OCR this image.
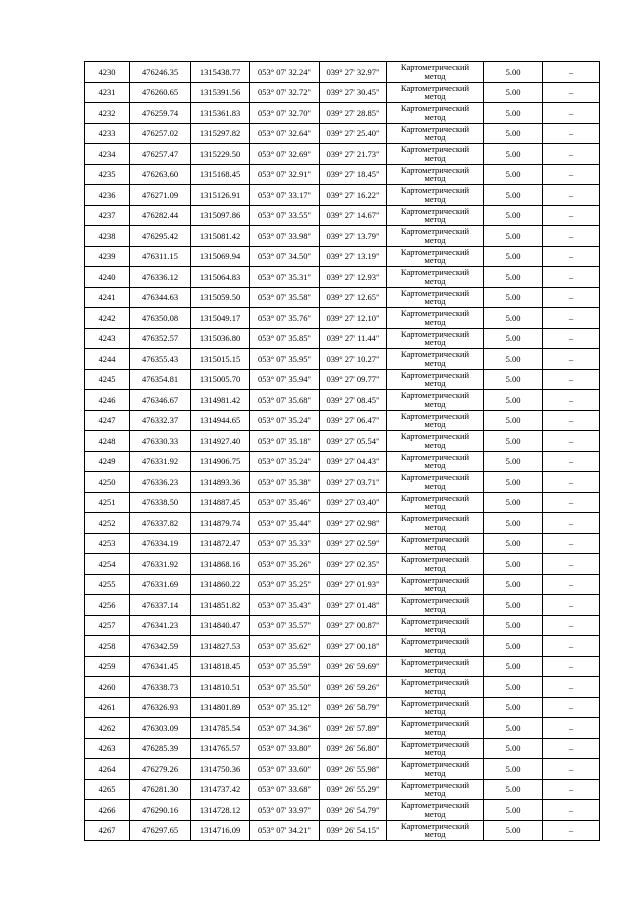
4230	476246.35	1315438.77	053° 07' 32.24"	039° 27' 32.97"	Картометрический
метод	5.00	–
4231	476260.65	1315391.56	053° 07' 32.72"	039° 27' 30.45"	Картометрический
метод	5.00	–
4232	476259.74	1315361.83	053° 07' 32.70"	039° 27' 28.85"	Картометрический
метод	5.00	–
4233	476257.02	1315297.82	053° 07' 32.64"	039° 27' 25.40"	Картометрический
метод	5.00	–
4234	476257.47	1315229.50	053° 07' 32.69"	039° 27' 21.73"	Картометрический
метод	5.00	–
4235	476263.60	1315168.45	053° 07' 32.91"	039° 27' 18.45"	Картометрический
метод	5.00	–
4236	476271.09	1315126.91	053° 07' 33.17"	039° 27' 16.22"	Картометрический
метод	5.00	–
4237	476282.44	1315097.86	053° 07' 33.55"	039° 27' 14.67"	Картометрический
метод	5.00	–
4238	476295.42	1315081.42	053° 07' 33.98"	039° 27' 13.79"	Картометрический
метод	5.00	–
4239	476311.15	1315069.94	053° 07' 34.50"	039° 27' 13.19"	Картометрический
метод	5.00	–
4240	476336.12	1315064.83	053° 07' 35.31"	039° 27' 12.93"	Картометрический
метод	5.00	–
4241	476344.63	1315059.50	053° 07' 35.58"	039° 27' 12.65"	Картометрический
метод	5.00	–
4242	476350.08	1315049.17	053° 07' 35.76"	039° 27' 12.10"	Картометрический
метод	5.00	–
4243	476352.57	1315036.80	053° 07' 35.85"	039° 27' 11.44"	Картометрический
метод	5.00	–
4244	476355.43	1315015.15	053° 07' 35.95"	039° 27' 10.27"	Картометрический
метод	5.00	–
4245	476354.81	1315005.70	053° 07' 35.94"	039° 27' 09.77"	Картометрический
метод	5.00	–
4246	476346.67	1314981.42	053° 07' 35.68"	039° 27' 08.45"	Картометрический
метод	5.00	–
4247	476332.37	1314944.65	053° 07' 35.24"	039° 27' 06.47"	Картометрический
метод	5.00	–
4248	476330.33	1314927.40	053° 07' 35.18"	039° 27' 05.54"	Картометрический
метод	5.00	–
4249	476331.92	1314906.75	053° 07' 35.24"	039° 27' 04.43"	Картометрический
метод	5.00	–
4250	476336.23	1314893.36	053° 07' 35.38"	039° 27' 03.71"	Картометрический
метод	5.00	–
4251	476338.50	1314887.45	053° 07' 35.46"	039° 27' 03.40"	Картометрический
метод	5.00	–
4252	476337.82	1314879.74	053° 07' 35.44"	039° 27' 02.98"	Картометрический
метод	5.00	–
4253	476334.19	1314872.47	053° 07' 35.33"	039° 27' 02.59"	Картометрический
метод	5.00	–
4254	476331.92	1314868.16	053° 07' 35.26"	039° 27' 02.35"	Картометрический
метод	5.00	–
4255	476331.69	1314860.22	053° 07' 35.25"	039° 27' 01.93"	Картометрический
метод	5.00	–
4256	476337.14	1314851.82	053° 07' 35.43"	039° 27' 01.48"	Картометрический
метод	5.00	–
4257	476341.23	1314840.47	053° 07' 35.57"	039° 27' 00.87"	Картометрический
метод	5.00	–
4258	476342.59	1314827.53	053° 07' 35.62"	039° 27' 00.18"	Картометрический
метод	5.00	–
4259	476341.45	1314818.45	053° 07' 35.59"	039° 26' 59.69"	Картометрический
метод	5.00	–
4260	476338.73	1314810.51	053° 07' 35.50"	039° 26' 59.26"	Картометрический
метод	5.00	–
4261	476326.93	1314801.89	053° 07' 35.12"	039° 26' 58.79"	Картометрический
метод	5.00	–
4262	476303.09	1314785.54	053° 07' 34.36"	039° 26' 57.89"	Картометрический
метод	5.00	–
4263	476285.39	1314765.57	053° 07' 33.80"	039° 26' 56.80"	Картометрический
метод	5.00	–
4264	476279.26	1314750.36	053° 07' 33.60"	039° 26' 55.98"	Картометрический
метод	5.00	–
4265	476281.30	1314737.42	053° 07' 33.68"	039° 26' 55.29"	Картометрический
метод	5.00	–
4266	476290.16	1314728.12	053° 07' 33.97"	039° 26' 54.79"	Картометрический
метод	5.00	–
4267	476297.65	1314716.09	053° 07' 34.21"	039° 26' 54.15"	Картометрический
метод	5.00	–
